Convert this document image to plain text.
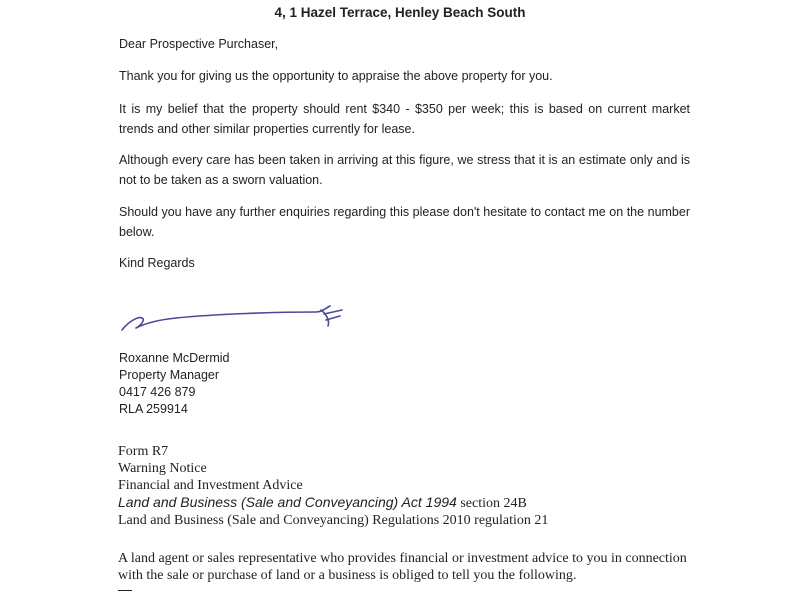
4, 1 Hazel Terrace, Henley Beach South

Dear Prospective Purchaser,

Thank you for giving us the opportunity to appraise the above property for you.

It is my belief that the property should rent $340 - $350 per week; this is based on current market trends and other similar properties currently for lease.

Although every care has been taken in arriving at this figure, we stress that it is an estimate only and is not to be taken as a sworn valuation.

Should you have any further enquiries regarding this please don't hesitate to contact me on the number below.

Kind Regards

Roxanne McDermid
Property Manager
0417 426 879
RLA 259914
Form R7
Warning Notice
Financial and Investment Advice
Land and Business (Sale and Conveyancing) Act 1994 section 24B
Land and Business (Sale and Conveyancing) Regulations 2010 regulation 21
A land agent or sales representative who provides financial or investment advice to you in connection with the sale or purchase of land or a business is obliged to tell you the following.
